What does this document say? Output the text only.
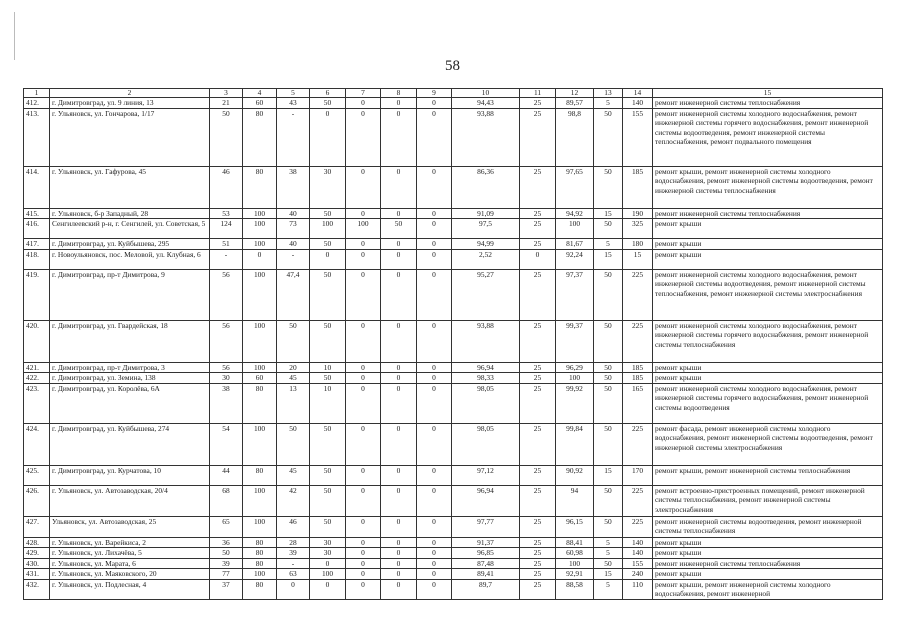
58
1	2	3	4	5	6	7	8	9	10	11	12	13	14	15
412.	г. Димитровград, ул. 9 линия, 13	21	60	43	50	0	0	0	94,43	25	89,57	5	140	ремонт инженерной системы теплоснабжения
413.	г. Ульяновск, ул. Гончарова, 1/17	50	80	-	0	0	0	0	93,88	25	98,8	50	155	ремонт инженерной системы холодного водоснабжения, ремонт инженерной системы горячего водоснабжения, ремонт инженерной системы водоотведения, ремонт инженерной системы теплоснабжения, ремонт подвального помещения
414.	г. Ульяновск, ул. Гафурова, 45	46	80	38	30	0	0	0	86,36	25	97,65	50	185	ремонт крыши, ремонт инженерной системы холодного водоснабжения, ремонт инженерной системы водоотведения, ремонт инженерной системы теплоснабжения
415.	г. Ульяновск, б-р Западный, 28	53	100	40	50	0	0	0	91,09	25	94,92	15	190	ремонт инженерной системы теплоснабжения
416.	Сенгилеевский р-н, г. Сенгилей, ул. Советская, 5	124	100	73	100	100	50	0	97,5	25	100	50	325	ремонт крыши
417.	г. Димитровград, ул. Куйбышева, 295	51	100	40	50	0	0	0	94,99	25	81,67	5	180	ремонт крыши
418.	г. Новоульяновск, пос. Меловой, ул. Клубная, 6	-	0	-	0	0	0	0	2,52	0	92,24	15	15	ремонт крыши
419.	г. Димитровград, пр-т Димитрова, 9	56	100	47,4	50	0	0	0	95,27	25	97,37	50	225	ремонт инженерной системы холодного водоснабжения, ремонт инженерной системы водоотведения, ремонт инженерной системы теплоснабжения, ремонт инженерной системы электроснабжения
420.	г. Димитровград, ул. Гвардейская, 18	56	100	50	50	0	0	0	93,88	25	99,37	50	225	ремонт инженерной системы холодного водоснабжения, ремонт инженерной системы горячего водоснабжения, ремонт инженерной системы теплоснабжения
421.	г. Димитровград, пр-т Димитрова, 3	56	100	20	10	0	0	0	96,94	25	96,29	50	185	ремонт крыши
422.	г. Димитровград, ул. Земина, 138	30	60	45	50	0	0	0	98,33	25	100	50	185	ремонт крыши
423.	г. Димитровград, ул. Королёва, 6А	38	80	13	10	0	0	0	98,05	25	99,92	50	165	ремонт инженерной системы холодного водоснабжения, ремонт инженерной системы горячего водоснабжения, ремонт инженерной системы водоотведения
424.	г. Димитровград, ул. Куйбышева, 274	54	100	50	50	0	0	0	98,05	25	99,84	50	225	ремонт фасада, ремонт инженерной системы холодного водоснабжения, ремонт инженерной системы водоотведения, ремонт инженерной системы электроснабжения
425.	г. Димитровград, ул. Курчатова, 10	44	80	45	50	0	0	0	97,12	25	90,92	15	170	ремонт крыши, ремонт инженерной системы теплоснабжения
426.	г. Ульяновск, ул. Автозаводская, 20/4	68	100	42	50	0	0	0	96,94	25	94	50	225	ремонт встроенно-пристроенных помещений, ремонт инженерной системы теплоснабжения, ремонт инженерной системы электроснабжения
427.	Ульяновск, ул. Автозаводская, 25	65	100	46	50	0	0	0	97,77	25	96,15	50	225	ремонт инженерной системы водоотведения, ремонт инженерной системы теплоснабжения
428.	г. Ульяновск, ул. Варейкиса, 2	36	80	28	30	0	0	0	91,37	25	88,41	5	140	ремонт крыши
429.	г. Ульяновск, ул. Лихачёва, 5	50	80	39	30	0	0	0	96,85	25	60,98	5	140	ремонт крыши
430.	г. Ульяновск, ул. Марата, 6	39	80	-	0	0	0	0	87,48	25	100	50	155	ремонт инженерной системы теплоснабжения
431.	г. Ульяновск, ул. Маяковского, 20	77	100	63	100	0	0	0	89,41	25	92,91	15	240	ремонт крыши
432.	г. Ульяновск, ул. Подлесная, 4	37	80	0	0	0	0	0	89,7	25	88,58	5	110	ремонт крыши, ремонт инженерной системы холодного водоснабжения, ремонт инженерной
